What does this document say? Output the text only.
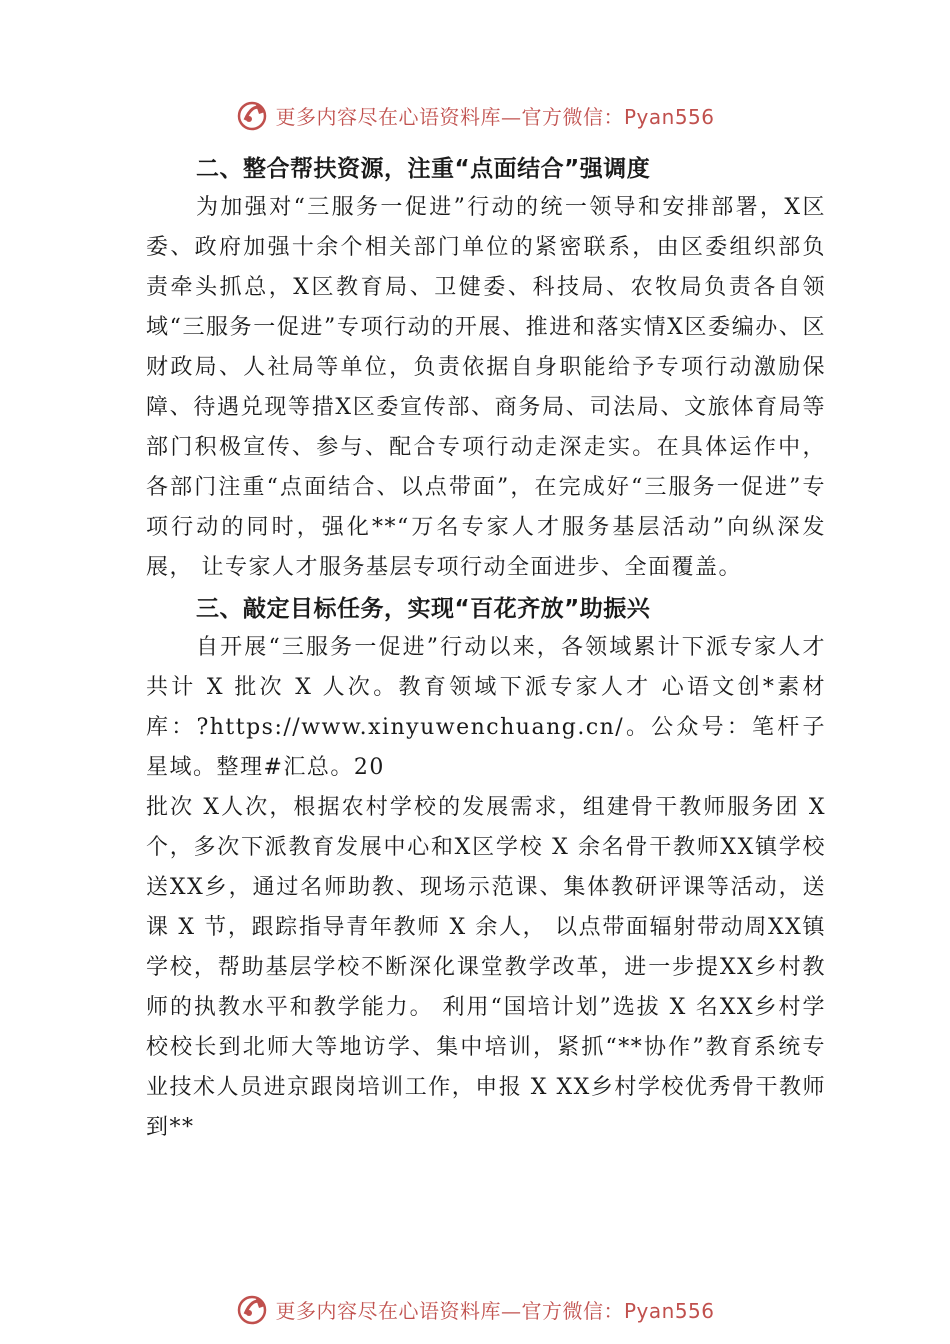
更多内容尽在心语资料库—官方微信：Pyan556
二、整合帮扶资源，注重“点面结合”强调度

为加强对“三服务一促进”行动的统一领导和安排部署，X区委、政府加强十余个相关部门单位的紧密联系，由区委组织部负责牵头抓总，X区教育局、卫健委、科技局、农牧局负责各自领域“三服务一促进”专项行动的开展、推进和落实情X区委编办、区财政局、人社局等单位，负责依据自身职能给予专项行动激励保障、待遇兑现等措X区委宣传部、商务局、司法局、文旅体育局等部门积极宣传、参与、配合专项行动走深走实。在具体运作中，各部门注重“点面结合、以点带面”，在完成好“三服务一促进”专项行动的同时，强化**“万名专家人才服务基层活动”向纵深发展， 让专家人才服务基层专项行动全面进步、全面覆盖。

三、敲定目标任务，实现“百花齐放”助振兴

自开展“三服务一促进”行动以来，各领域累计下派专家人才共计 X 批次 X 人次。教育领域下派专家人才 心语文创*素材库：?https://www.xinyuwenchuang.cn/。公众号：笔杆子星域。整理#汇总。20

批次 X人次，根据农村学校的发展需求，组建骨干教师服务团 X 个，多次下派教育发展中心和X区学校 X 余名骨干教师XX镇学校送XX乡，通过名师助教、现场示范课、集体教研评课等活动，送课 X 节，跟踪指导青年教师 X 余人， 以点带面辐射带动周XX镇学校，帮助基层学校不断深化课堂教学改革，进一步提XX乡村教师的执教水平和教学能力。 利用“国培计划”选拔 X 名XX乡村学校校长到北师大等地访学、集中培训，紧抓“**协作”教育系统专业技术人员进京跟岗培训工作，申报 X XX乡村学校优秀骨干教师到**

更多内容尽在心语资料库—官方微信：Pyan556
